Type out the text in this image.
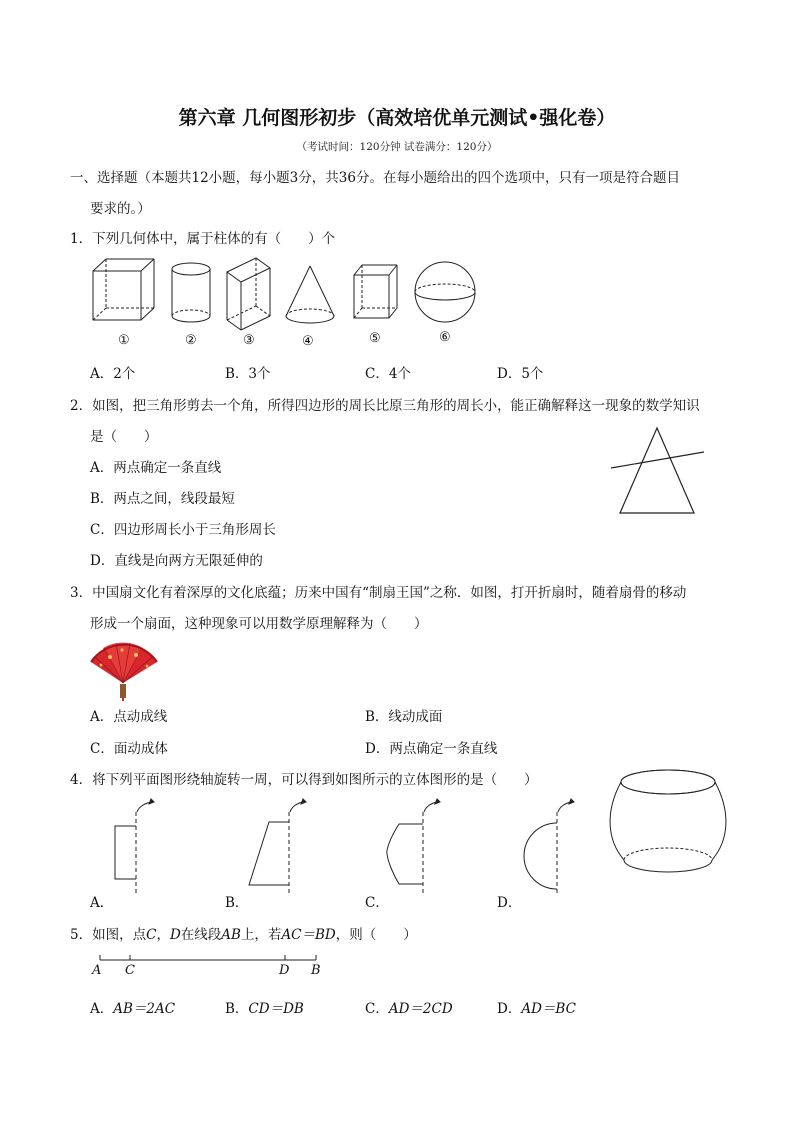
第六章 几何图形初步（高效培优单元测试•强化卷）
（考试时间：120分钟 试卷满分：120分）
一、选择题（本题共12小题，每小题3分，共36分。在每小题给出的四个选项中，只有一项是符合题目
要求的。）
1．下列几何体中，属于柱体的有（　　）个
①	②	③	④	⑤	⑥
A．2个	B．3个	C．4个	D．5个
2．如图，把三角形剪去一个角，所得四边形的周长比原三角形的周长小，能正确解释这一现象的数学知识
是（　　）
A．两点确定一条直线
B．两点之间，线段最短
C．四边形周长小于三角形周长
D．直线是向两方无限延伸的
3．中国扇文化有着深厚的文化底蕴；历来中国有“制扇王国”之称．如图，打开折扇时，随着扇骨的移动
形成一个扇面，这种现象可以用数学原理解释为（　　）
A．点动成线	B．线动成面
C．面动成体	D．两点确定一条直线
4．将下列平面图形绕轴旋转一周，可以得到如图所示的立体图形的是（　　）
A．	B．	C．	D．
5．如图，点C，D在线段AB上，若AC＝BD，则（　　）
A C	D B
A．AB＝2AC	B．CD＝DB	C．AD＝2CD	D．AD＝BC
